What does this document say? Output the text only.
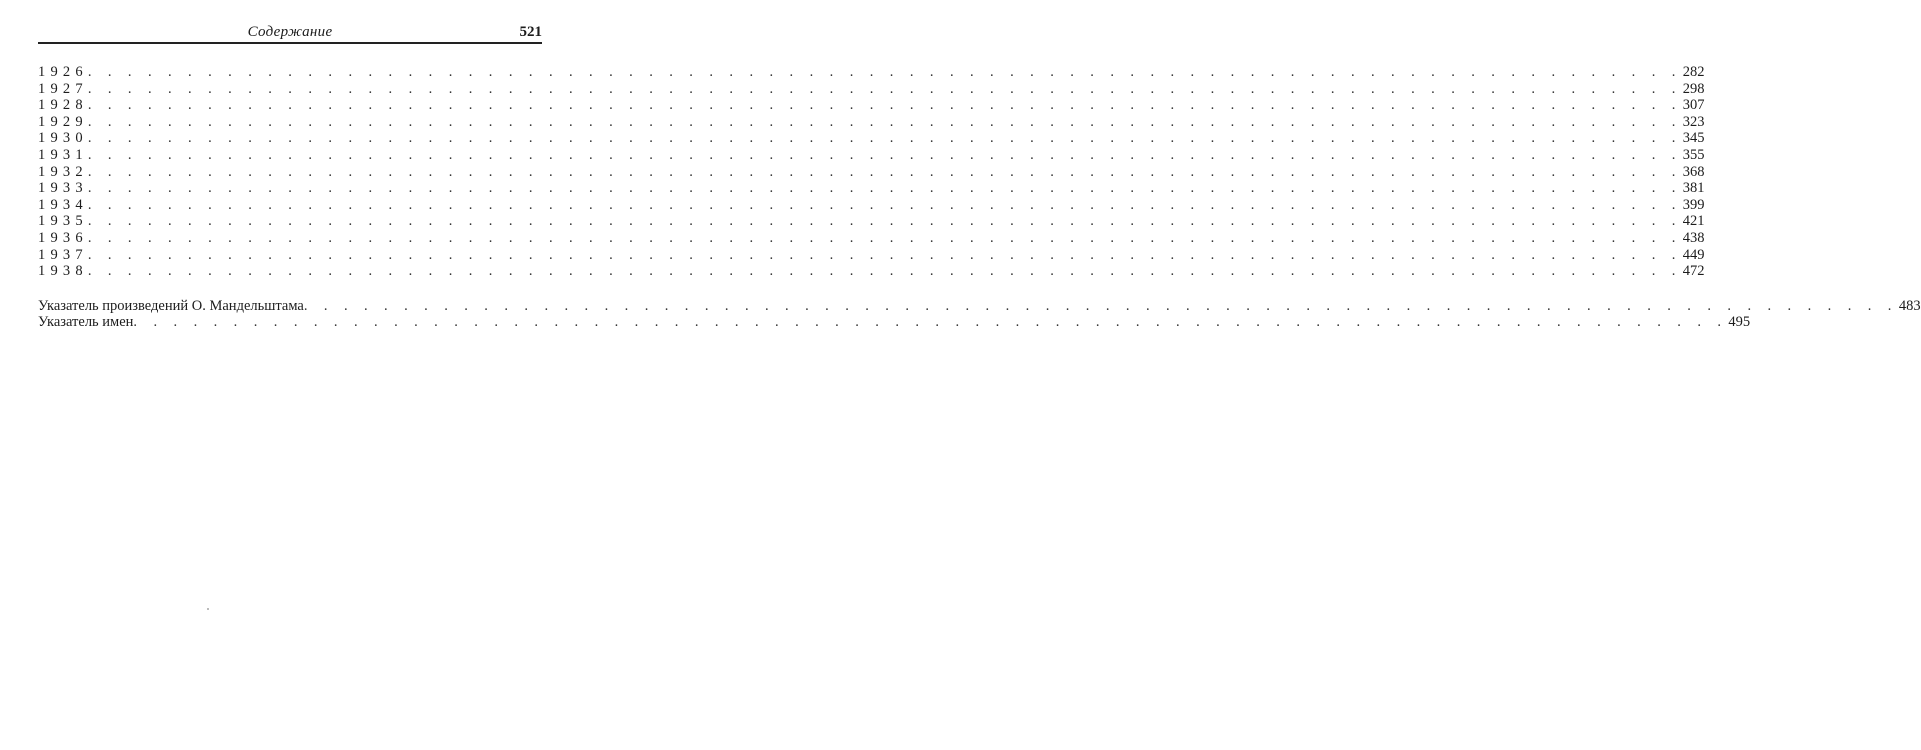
Содержание	521
1926 . . . . . . . . . . . . . . . . . . . . . . . . . . . . . . . . . . . . . . . . . . . . . . . . . . . . . . . . . . . . . . . . . . . . . . . . . . . . . . . . 282
1927 . . . . . . . . . . . . . . . . . . . . . . . . . . . . . . . . . . . . . . . . . . . . . . . . . . . . . . . . . . . . . . . . . . . . . . . . . . . . . . . . 298
1928 . . . . . . . . . . . . . . . . . . . . . . . . . . . . . . . . . . . . . . . . . . . . . . . . . . . . . . . . . . . . . . . . . . . . . . . . . . . . . . . . 307
1929 . . . . . . . . . . . . . . . . . . . . . . . . . . . . . . . . . . . . . . . . . . . . . . . . . . . . . . . . . . . . . . . . . . . . . . . . . . . . . . . . 323
1930 . . . . . . . . . . . . . . . . . . . . . . . . . . . . . . . . . . . . . . . . . . . . . . . . . . . . . . . . . . . . . . . . . . . . . . . . . . . . . . . . 345
1931 . . . . . . . . . . . . . . . . . . . . . . . . . . . . . . . . . . . . . . . . . . . . . . . . . . . . . . . . . . . . . . . . . . . . . . . . . . . . . . . . 355
1932 . . . . . . . . . . . . . . . . . . . . . . . . . . . . . . . . . . . . . . . . . . . . . . . . . . . . . . . . . . . . . . . . . . . . . . . . . . . . . . . . 368
1933 . . . . . . . . . . . . . . . . . . . . . . . . . . . . . . . . . . . . . . . . . . . . . . . . . . . . . . . . . . . . . . . . . . . . . . . . . . . . . . . . 381
1934 . . . . . . . . . . . . . . . . . . . . . . . . . . . . . . . . . . . . . . . . . . . . . . . . . . . . . . . . . . . . . . . . . . . . . . . . . . . . . . . . 399
1935 . . . . . . . . . . . . . . . . . . . . . . . . . . . . . . . . . . . . . . . . . . . . . . . . . . . . . . . . . . . . . . . . . . . . . . . . . . . . . . . . 421
1936 . . . . . . . . . . . . . . . . . . . . . . . . . . . . . . . . . . . . . . . . . . . . . . . . . . . . . . . . . . . . . . . . . . . . . . . . . . . . . . . . 438
1937 . . . . . . . . . . . . . . . . . . . . . . . . . . . . . . . . . . . . . . . . . . . . . . . . . . . . . . . . . . . . . . . . . . . . . . . . . . . . . . . . 449
1938 . . . . . . . . . . . . . . . . . . . . . . . . . . . . . . . . . . . . . . . . . . . . . . . . . . . . . . . . . . . . . . . . . . . . . . . . . . . . . . . . 472
Указатель произведений О. Мандельштама . . . . . . . . . . . . . . . . . . . . . . . . . . . . . . . . . . . . . . . . . . . . . . . . . . . . . . . . . . . . . . . . . . . . . . . . . . . . . . . . 483
Указатель имен . . . . . . . . . . . . . . . . . . . . . . . . . . . . . . . . . . . . . . . . . . . . . . . . . . . . . . . . . . . . . . . . . . . . . . . . . . . . . . . . 495
